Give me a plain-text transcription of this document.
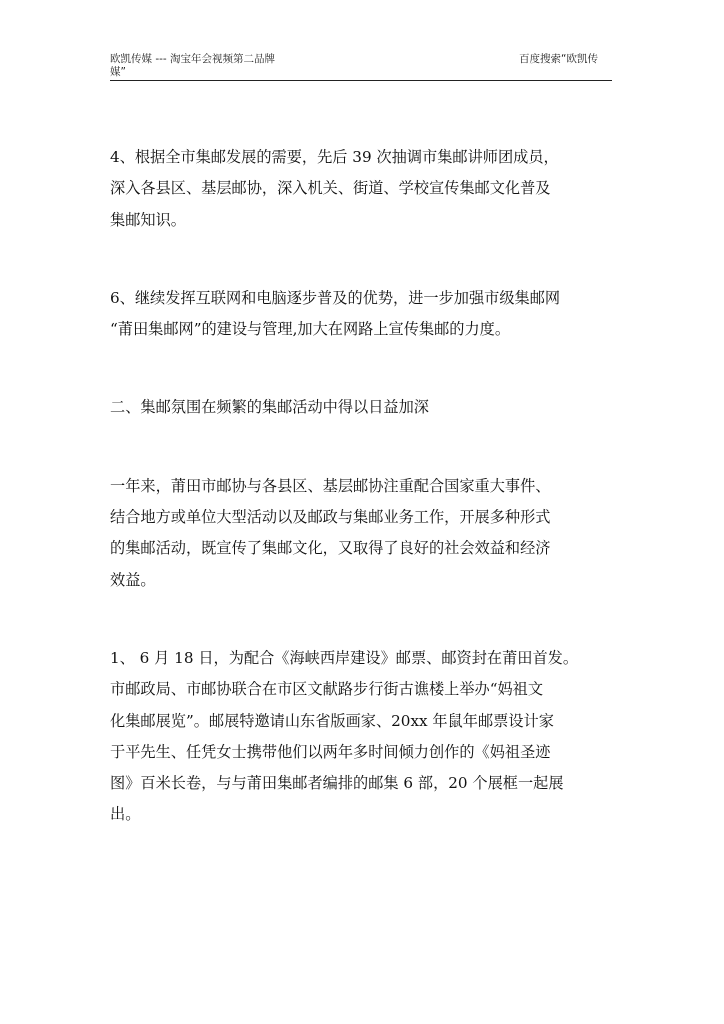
欧凯传媒 --- 淘宝年会视频第二品牌
媒”
百度搜索“欧凯传
4、根据全市集邮发展的需要，先后 39 次抽调市集邮讲师团成员，
深入各县区、基层邮协，深入机关、街道、学校宣传集邮文化普及
集邮知识。
6、继续发挥互联网和电脑逐步普及的优势，进一步加强市级集邮网
“莆田集邮网”的建设与管理,加大在网路上宣传集邮的力度。
二、集邮氛围在频繁的集邮活动中得以日益加深
一年来，莆田市邮协与各县区、基层邮协注重配合国家重大事件、
结合地方或单位大型活动以及邮政与集邮业务工作，开展多种形式
的集邮活动，既宣传了集邮文化，又取得了良好的社会效益和经济
效益。
1、 6 月 18 日，为配合《海峡西岸建设》邮票、邮资封在莆田首发。
市邮政局、市邮协联合在市区文献路步行街古谯楼上举办“妈祖文
化集邮展览”。邮展特邀请山东省版画家、20xx 年鼠年邮票设计家
于平先生、任凭女士携带他们以两年多时间倾力创作的《妈祖圣迹
图》百米长卷，与与莆田集邮者编排的邮集 6 部，20 个展框一起展
出。
